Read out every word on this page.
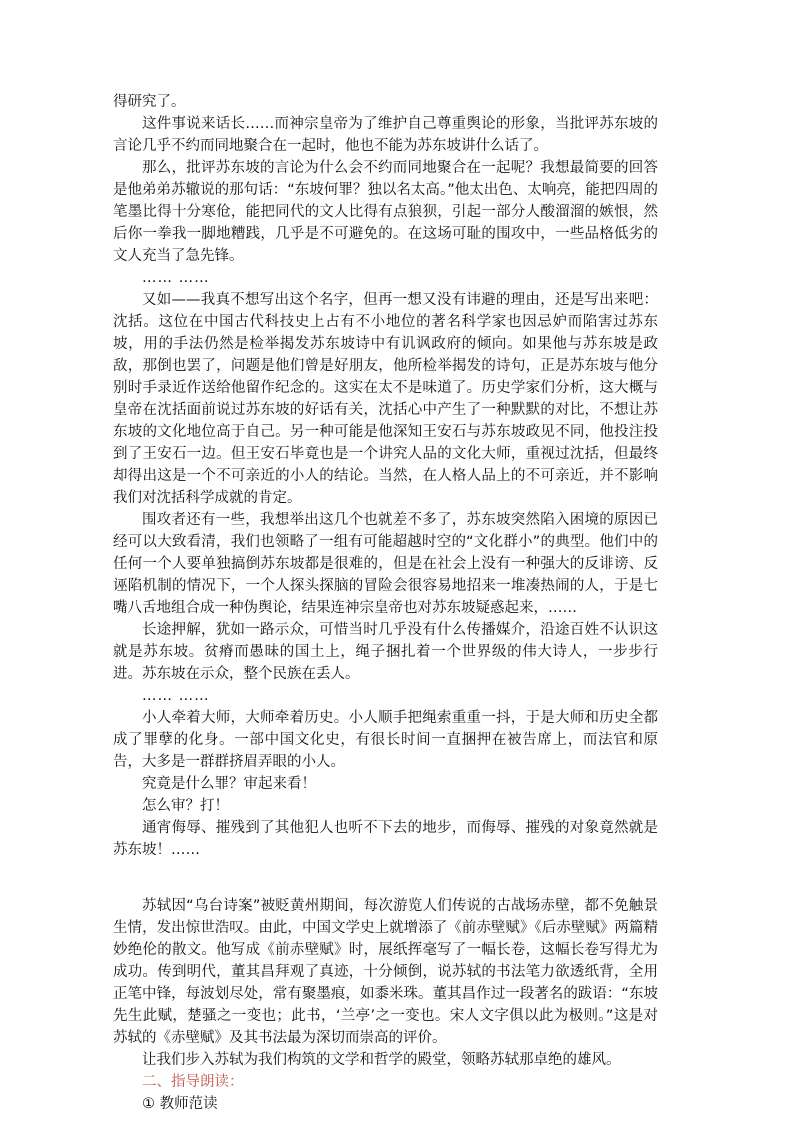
得研究了。

这件事说来话长……而神宗皇帝为了维护自己尊重舆论的形象，当批评苏东坡的言论几乎不约而同地聚合在一起时，他也不能为苏东坡讲什么话了。

那么，批评苏东坡的言论为什么会不约而同地聚合在一起呢？我想最简要的回答是他弟弟苏辙说的那句话：“东坡何罪？独以名太高。”他太出色、太响亮，能把四周的笔墨比得十分寒伧，能把同代的文人比得有点狼狈，引起一部分人酸溜溜的嫉恨，然后你一拳我一脚地糟践，几乎是不可避免的。在这场可耻的围攻中，一些品格低劣的文人充当了急先锋。

…… ……

又如——我真不想写出这个名字，但再一想又没有讳避的理由，还是写出来吧：沈括。这位在中国古代科技史上占有不小地位的著名科学家也因忌妒而陷害过苏东坡，用的手法仍然是检举揭发苏东坡诗中有讥讽政府的倾向。如果他与苏东坡是政敌，那倒也罢了，问题是他们曾是好朋友，他所检举揭发的诗句，正是苏东坡与他分别时手录近作送给他留作纪念的。这实在太不是味道了。历史学家们分析，这大概与皇帝在沈括面前说过苏东坡的好话有关，沈括心中产生了一种默默的对比，不想让苏东坡的文化地位高于自己。另一种可能是他深知王安石与苏东坡政见不同，他投注投到了王安石一边。但王安石毕竟也是一个讲究人品的文化大师，重视过沈括，但最终却得出这是一个不可亲近的小人的结论。当然，在人格人品上的不可亲近，并不影响我们对沈括科学成就的肯定。

围攻者还有一些，我想举出这几个也就差不多了，苏东坡突然陷入困境的原因已经可以大致看清，我们也领略了一组有可能超越时空的“文化群小”的典型。他们中的任何一个人要单独搞倒苏东坡都是很难的，但是在社会上没有一种强大的反诽谤、反诬陷机制的情况下，一个人探头探脑的冒险会很容易地招来一堆凑热闹的人，于是七嘴八舌地组合成一种伪舆论，结果连神宗皇帝也对苏东坡疑惑起来，……

长途押解，犹如一路示众，可惜当时几乎没有什么传播媒介，沿途百姓不认识这就是苏东坡。贫瘠而愚昧的国土上，绳子捆扎着一个世界级的伟大诗人，一步步行进。苏东坡在示众，整个民族在丢人。

…… ……

小人牵着大师，大师牵着历史。小人顺手把绳索重重一抖，于是大师和历史全都成了罪孽的化身。一部中国文化史，有很长时间一直捆押在被告席上，而法官和原告，大多是一群群挤眉弄眼的小人。

究竟是什么罪？审起来看！

怎么审？打！

通宵侮辱、摧残到了其他犯人也听不下去的地步，而侮辱、摧残的对象竟然就是苏东坡！……

苏轼因“乌台诗案”被贬黄州期间，每次游览人们传说的古战场赤壁，都不免触景生情，发出惊世浩叹。由此，中国文学史上就增添了《前赤壁赋》《后赤壁赋》两篇精妙绝伦的散文。他写成《前赤壁赋》时，展纸挥毫写了一幅长卷，这幅长卷写得尤为成功。传到明代，董其昌拜观了真迹，十分倾倒，说苏轼的书法笔力欲透纸背，全用正笔中锋，每波划尽处，常有聚墨痕，如黍米珠。董其昌作过一段著名的跋语：“东坡先生此赋，楚骚之一变也；此书，‘兰亭’之一变也。宋人文字俱以此为极则。”这是对苏轼的《赤壁赋》及其书法最为深切而崇高的评价。

让我们步入苏轼为我们构筑的文学和哲学的殿堂，领略苏轼那卓绝的雄风。

二、指导朗读：

① 教师范读
